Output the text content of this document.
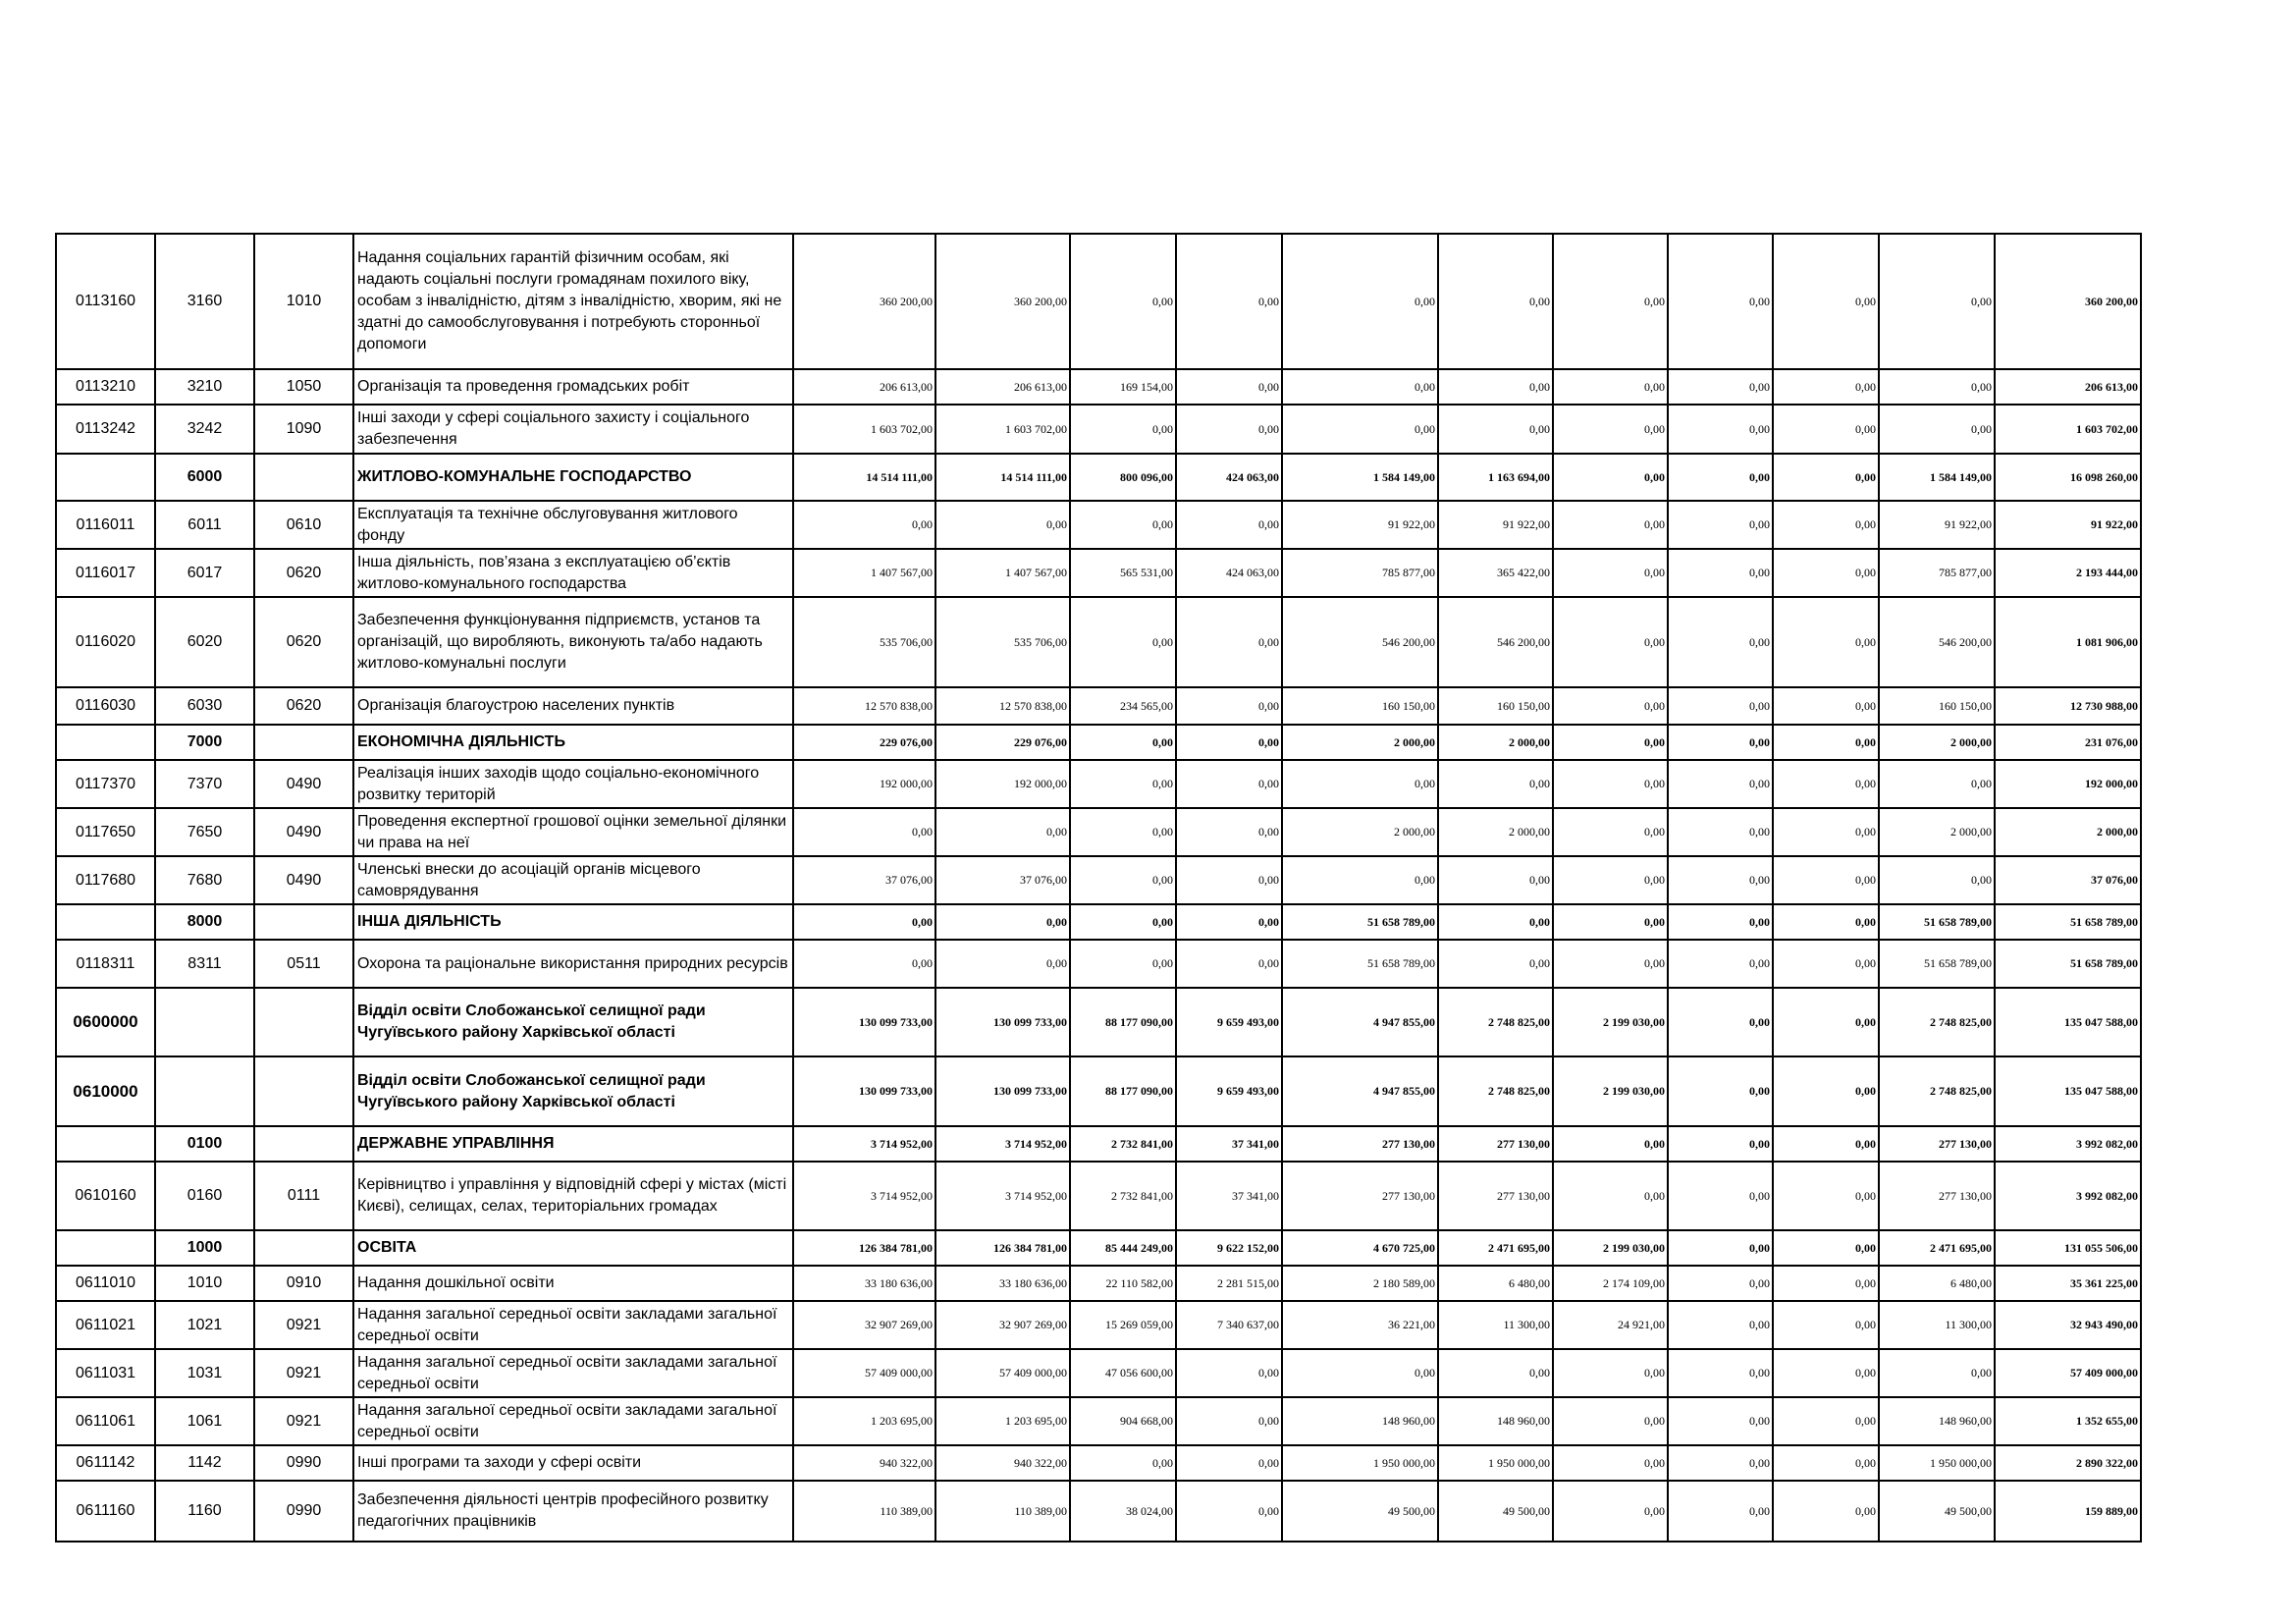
0113160	3160	1010	Надання соціальних гарантій фізичним особам, які надають соціальні послуги громадянам похилого віку, особам з інвалідністю, дітям з інвалідністю, хворим, які не здатні до самообслуговування і потребують сторонньої допомоги	360 200,00	360 200,00	0,00	0,00	0,00	0,00	0,00	0,00	0,00	0,00	360 200,00
0113210	3210	1050	Організація та проведення громадських робіт	206 613,00	206 613,00	169 154,00	0,00	0,00	0,00	0,00	0,00	0,00	0,00	206 613,00
0113242	3242	1090	Інші заходи у сфері соціального захисту і соціального забезпечення	1 603 702,00	1 603 702,00	0,00	0,00	0,00	0,00	0,00	0,00	0,00	0,00	1 603 702,00
	6000		ЖИТЛОВО-КОМУНАЛЬНЕ ГОСПОДАРСТВО	14 514 111,00	14 514 111,00	800 096,00	424 063,00	1 584 149,00	1 163 694,00	0,00	0,00	0,00	1 584 149,00	16 098 260,00
0116011	6011	0610	Експлуатація та технічне обслуговування житлового фонду	0,00	0,00	0,00	0,00	91 922,00	91 922,00	0,00	0,00	0,00	91 922,00	91 922,00
0116017	6017	0620	Інша діяльність, пов’язана з експлуатацією об’єктів житлово-комунального господарства	1 407 567,00	1 407 567,00	565 531,00	424 063,00	785 877,00	365 422,00	0,00	0,00	0,00	785 877,00	2 193 444,00
0116020	6020	0620	Забезпечення функціонування підприємств, установ та організацій, що виробляють, виконують та/або надають житлово-комунальні послуги	535 706,00	535 706,00	0,00	0,00	546 200,00	546 200,00	0,00	0,00	0,00	546 200,00	1 081 906,00
0116030	6030	0620	Організація благоустрою населених пунктів	12 570 838,00	12 570 838,00	234 565,00	0,00	160 150,00	160 150,00	0,00	0,00	0,00	160 150,00	12 730 988,00
	7000		ЕКОНОМІЧНА ДІЯЛЬНІСТЬ	229 076,00	229 076,00	0,00	0,00	2 000,00	2 000,00	0,00	0,00	0,00	2 000,00	231 076,00
0117370	7370	0490	Реалізація інших заходів щодо соціально-економічного розвитку територій	192 000,00	192 000,00	0,00	0,00	0,00	0,00	0,00	0,00	0,00	0,00	192 000,00
0117650	7650	0490	Проведення експертної грошової оцінки земельної ділянки чи права на неї	0,00	0,00	0,00	0,00	2 000,00	2 000,00	0,00	0,00	0,00	2 000,00	2 000,00
0117680	7680	0490	Членські внески до асоціацій органів місцевого самоврядування	37 076,00	37 076,00	0,00	0,00	0,00	0,00	0,00	0,00	0,00	0,00	37 076,00
	8000		ІНША ДІЯЛЬНІСТЬ	0,00	0,00	0,00	0,00	51 658 789,00	0,00	0,00	0,00	0,00	51 658 789,00	51 658 789,00
0118311	8311	0511	Охорона та раціональне використання природних ресурсів	0,00	0,00	0,00	0,00	51 658 789,00	0,00	0,00	0,00	0,00	51 658 789,00	51 658 789,00
0600000			Відділ освіти Слобожанської селищної ради Чугуївського району Харківської області	130 099 733,00	130 099 733,00	88 177 090,00	9 659 493,00	4 947 855,00	2 748 825,00	2 199 030,00	0,00	0,00	2 748 825,00	135 047 588,00
0610000			Відділ освіти Слобожанської селищної ради Чугуївського району Харківської області	130 099 733,00	130 099 733,00	88 177 090,00	9 659 493,00	4 947 855,00	2 748 825,00	2 199 030,00	0,00	0,00	2 748 825,00	135 047 588,00
	0100		ДЕРЖАВНЕ УПРАВЛІННЯ	3 714 952,00	3 714 952,00	2 732 841,00	37 341,00	277 130,00	277 130,00	0,00	0,00	0,00	277 130,00	3 992 082,00
0610160	0160	0111	Керівництво і управління у відповідній сфері у містах (місті Києві), селищах, селах, територіальних громадах	3 714 952,00	3 714 952,00	2 732 841,00	37 341,00	277 130,00	277 130,00	0,00	0,00	0,00	277 130,00	3 992 082,00
	1000		ОСВІТА	126 384 781,00	126 384 781,00	85 444 249,00	9 622 152,00	4 670 725,00	2 471 695,00	2 199 030,00	0,00	0,00	2 471 695,00	131 055 506,00
0611010	1010	0910	Надання дошкільної освіти	33 180 636,00	33 180 636,00	22 110 582,00	2 281 515,00	2 180 589,00	6 480,00	2 174 109,00	0,00	0,00	6 480,00	35 361 225,00
0611021	1021	0921	Надання загальної середньої освіти закладами загальної середньої освіти	32 907 269,00	32 907 269,00	15 269 059,00	7 340 637,00	36 221,00	11 300,00	24 921,00	0,00	0,00	11 300,00	32 943 490,00
0611031	1031	0921	Надання загальної середньої освіти закладами загальної середньої освіти	57 409 000,00	57 409 000,00	47 056 600,00	0,00	0,00	0,00	0,00	0,00	0,00	0,00	57 409 000,00
0611061	1061	0921	Надання загальної середньої освіти закладами загальної середньої освіти	1 203 695,00	1 203 695,00	904 668,00	0,00	148 960,00	148 960,00	0,00	0,00	0,00	148 960,00	1 352 655,00
0611142	1142	0990	Інші програми та заходи у сфері освіти	940 322,00	940 322,00	0,00	0,00	1 950 000,00	1 950 000,00	0,00	0,00	0,00	1 950 000,00	2 890 322,00
0611160	1160	0990	Забезпечення діяльності центрів професійного розвитку педагогічних працівників	110 389,00	110 389,00	38 024,00	0,00	49 500,00	49 500,00	0,00	0,00	0,00	49 500,00	159 889,00
